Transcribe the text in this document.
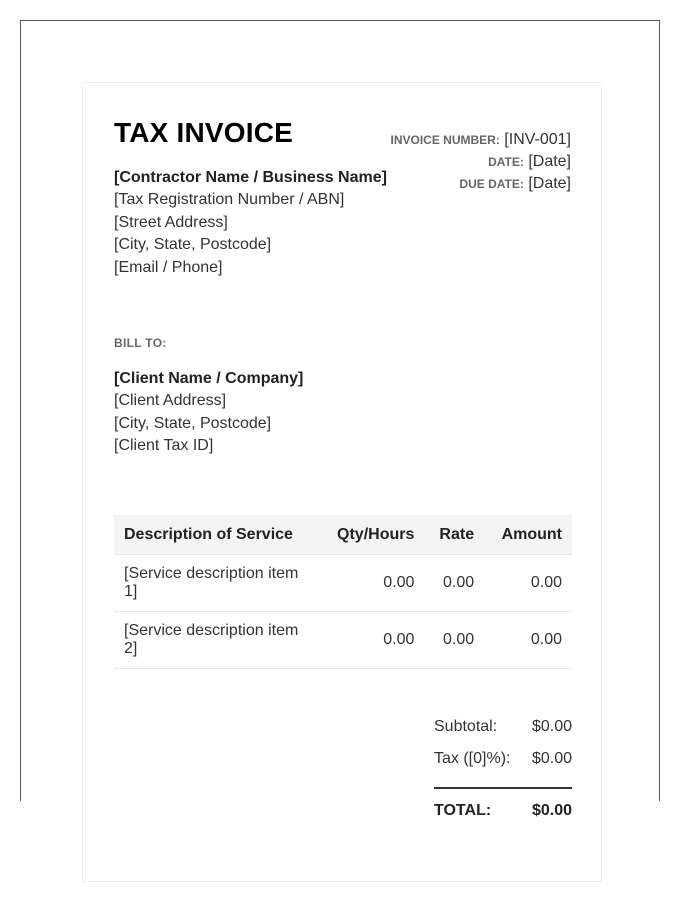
TAX INVOICE	INVOICE NUMBER: [INV-001]
DATE: [Date]
DUE DATE: [Date]
[Contractor Name / Business Name]
[Tax Registration Number / ABN]
[Street Address]
[City, State, Postcode]
[Email / Phone]
BILL TO:
[Client Name / Company]
[Client Address]
[City, State, Postcode]
[Client Tax ID]
Description of Service	Qty/Hours	Rate	Amount
[Service description item 1]	0.00	0.00	0.00
[Service description item 2]	0.00	0.00	0.00
Subtotal: $0.00
Tax ([0]%): $0.00
TOTAL:	$0.00
